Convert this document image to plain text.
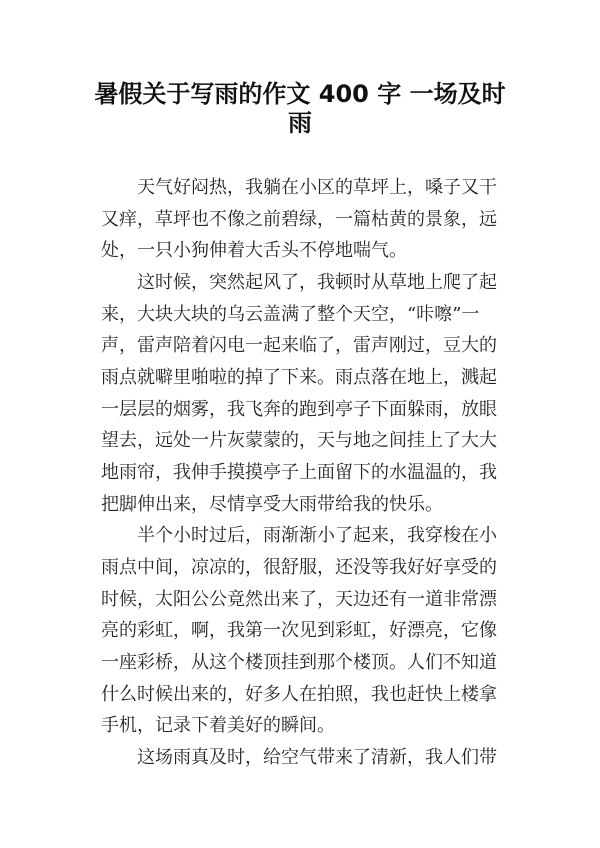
暑假关于写雨的作文 400 字 一场及时
雨
天气好闷热，我躺在小区的草坪上，嗓子又干
又痒，草坪也不像之前碧绿，一篇枯黄的景象，远
处，一只小狗伸着大舌头不停地喘气。
这时候，突然起风了，我顿时从草地上爬了起
来，大块大块的乌云盖满了整个天空，“咔嚓”一
声，雷声陪着闪电一起来临了，雷声刚过，豆大的
雨点就噼里啪啦的掉了下来。雨点落在地上，溅起
一层层的烟雾，我飞奔的跑到亭子下面躲雨，放眼
望去，远处一片灰蒙蒙的，天与地之间挂上了大大
地雨帘，我伸手摸摸亭子上面留下的水温温的，我
把脚伸出来，尽情享受大雨带给我的快乐。
半个小时过后，雨渐渐小了起来，我穿梭在小
雨点中间，凉凉的，很舒服，还没等我好好享受的
时候，太阳公公竟然出来了，天边还有一道非常漂
亮的彩虹，啊，我第一次见到彩虹，好漂亮，它像
一座彩桥，从这个楼顶挂到那个楼顶。人们不知道
什么时候出来的，好多人在拍照，我也赶快上楼拿
手机，记录下着美好的瞬间。
这场雨真及时，给空气带来了清新，我人们带
